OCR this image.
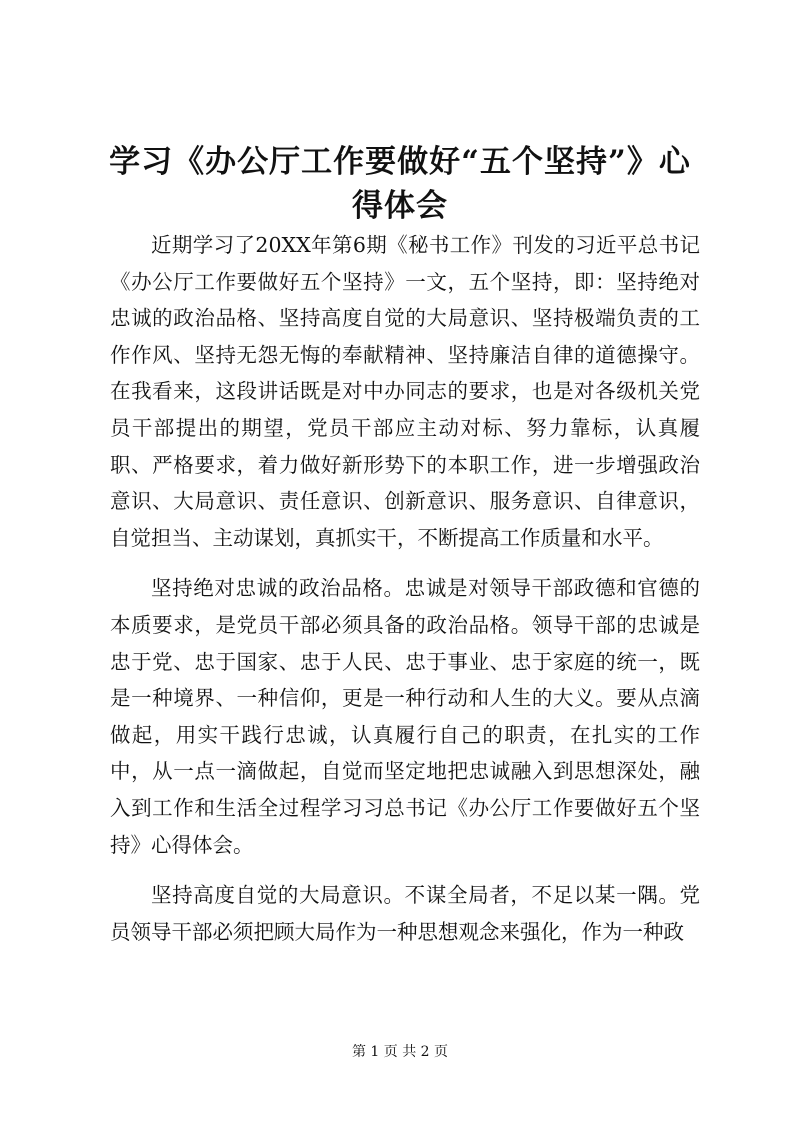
学习《办公厅工作要做好“五个坚持”》心得体会

近期学习了20XX年第6期《秘书工作》刊发的习近平总书记《办公厅工作要做好五个坚持》一文，五个坚持，即：坚持绝对忠诚的政治品格、坚持高度自觉的大局意识、坚持极端负责的工作作风、坚持无怨无悔的奉献精神、坚持廉洁自律的道德操守。在我看来，这段讲话既是对中办同志的要求，也是对各级机关党员干部提出的期望，党员干部应主动对标、努力靠标，认真履职、严格要求，着力做好新形势下的本职工作，进一步增强政治意识、大局意识、责任意识、创新意识、服务意识、自律意识，自觉担当、主动谋划，真抓实干，不断提高工作质量和水平。

坚持绝对忠诚的政治品格。忠诚是对领导干部政德和官德的本质要求，是党员干部必须具备的政治品格。领导干部的忠诚是忠于党、忠于国家、忠于人民、忠于事业、忠于家庭的统一，既是一种境界、一种信仰，更是一种行动和人生的大义。要从点滴做起，用实干践行忠诚，认真履行自己的职责，在扎实的工作中，从一点一滴做起，自觉而坚定地把忠诚融入到思想深处，融入到工作和生活全过程学习习总书记《办公厅工作要做好五个坚持》心得体会。

坚持高度自觉的大局意识。不谋全局者，不足以某一隅。党员领导干部必须把顾大局作为一种思想观念来强化，作为一种政

第 1 页 共 2 页
